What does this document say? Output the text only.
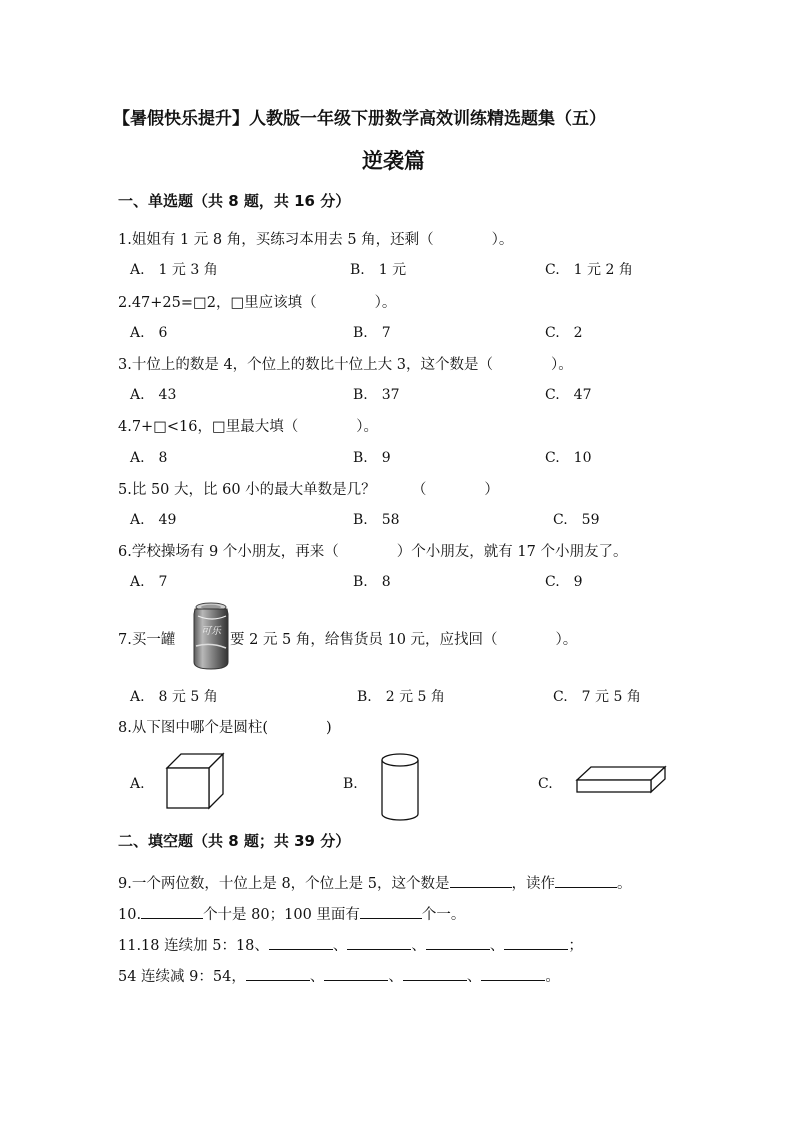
【暑假快乐提升】人教版一年级下册数学高效训练精选题集（五）
逆袭篇
一、单选题（共 8 题，共 16 分）
1.姐姐有 1 元 8 角，买练习本用去 5 角，还剩（　　　　）。
A.　1 元 3 角	B.　1 元	C.　1 元 2 角
2.47+25=□2，□里应该填（　　　　）。
A.　6	B.　7	C.　2
3.十位上的数是 4，个位上的数比十位上大 3，这个数是（　　　　）。
A.　43	B.　37	C.　47
4.7+□<16，□里最大填（　　　　）。
A.　8	B.　9	C.　10
5.比 50 大，比 60 小的最大单数是几？　　　（　　　　）
A.　49	B.　58	C.　59
6.学校操场有 9 个小朋友，再来（　　　　）个小朋友，就有 17 个小朋友了。
A.　7	B.　8	C.　9
7.买一罐
可乐
要 2 元 5 角，给售货员 10 元，应找回（　　　　）。
A.　8 元 5 角	B.　2 元 5 角	C.　7 元 5 角
8.从下图中哪个是圆柱(　　　　)
A.	B.	C.
二、填空题（共 8 题；共 39 分）
9.一个两位数，十位上是 8，个位上是 5，这个数是	，读作	。
10.	个十是 80；100 里面有	个一。
11.18 连续加 5：18、	、	、	、	；
54 连续减 9：54，	、	、	、	。
